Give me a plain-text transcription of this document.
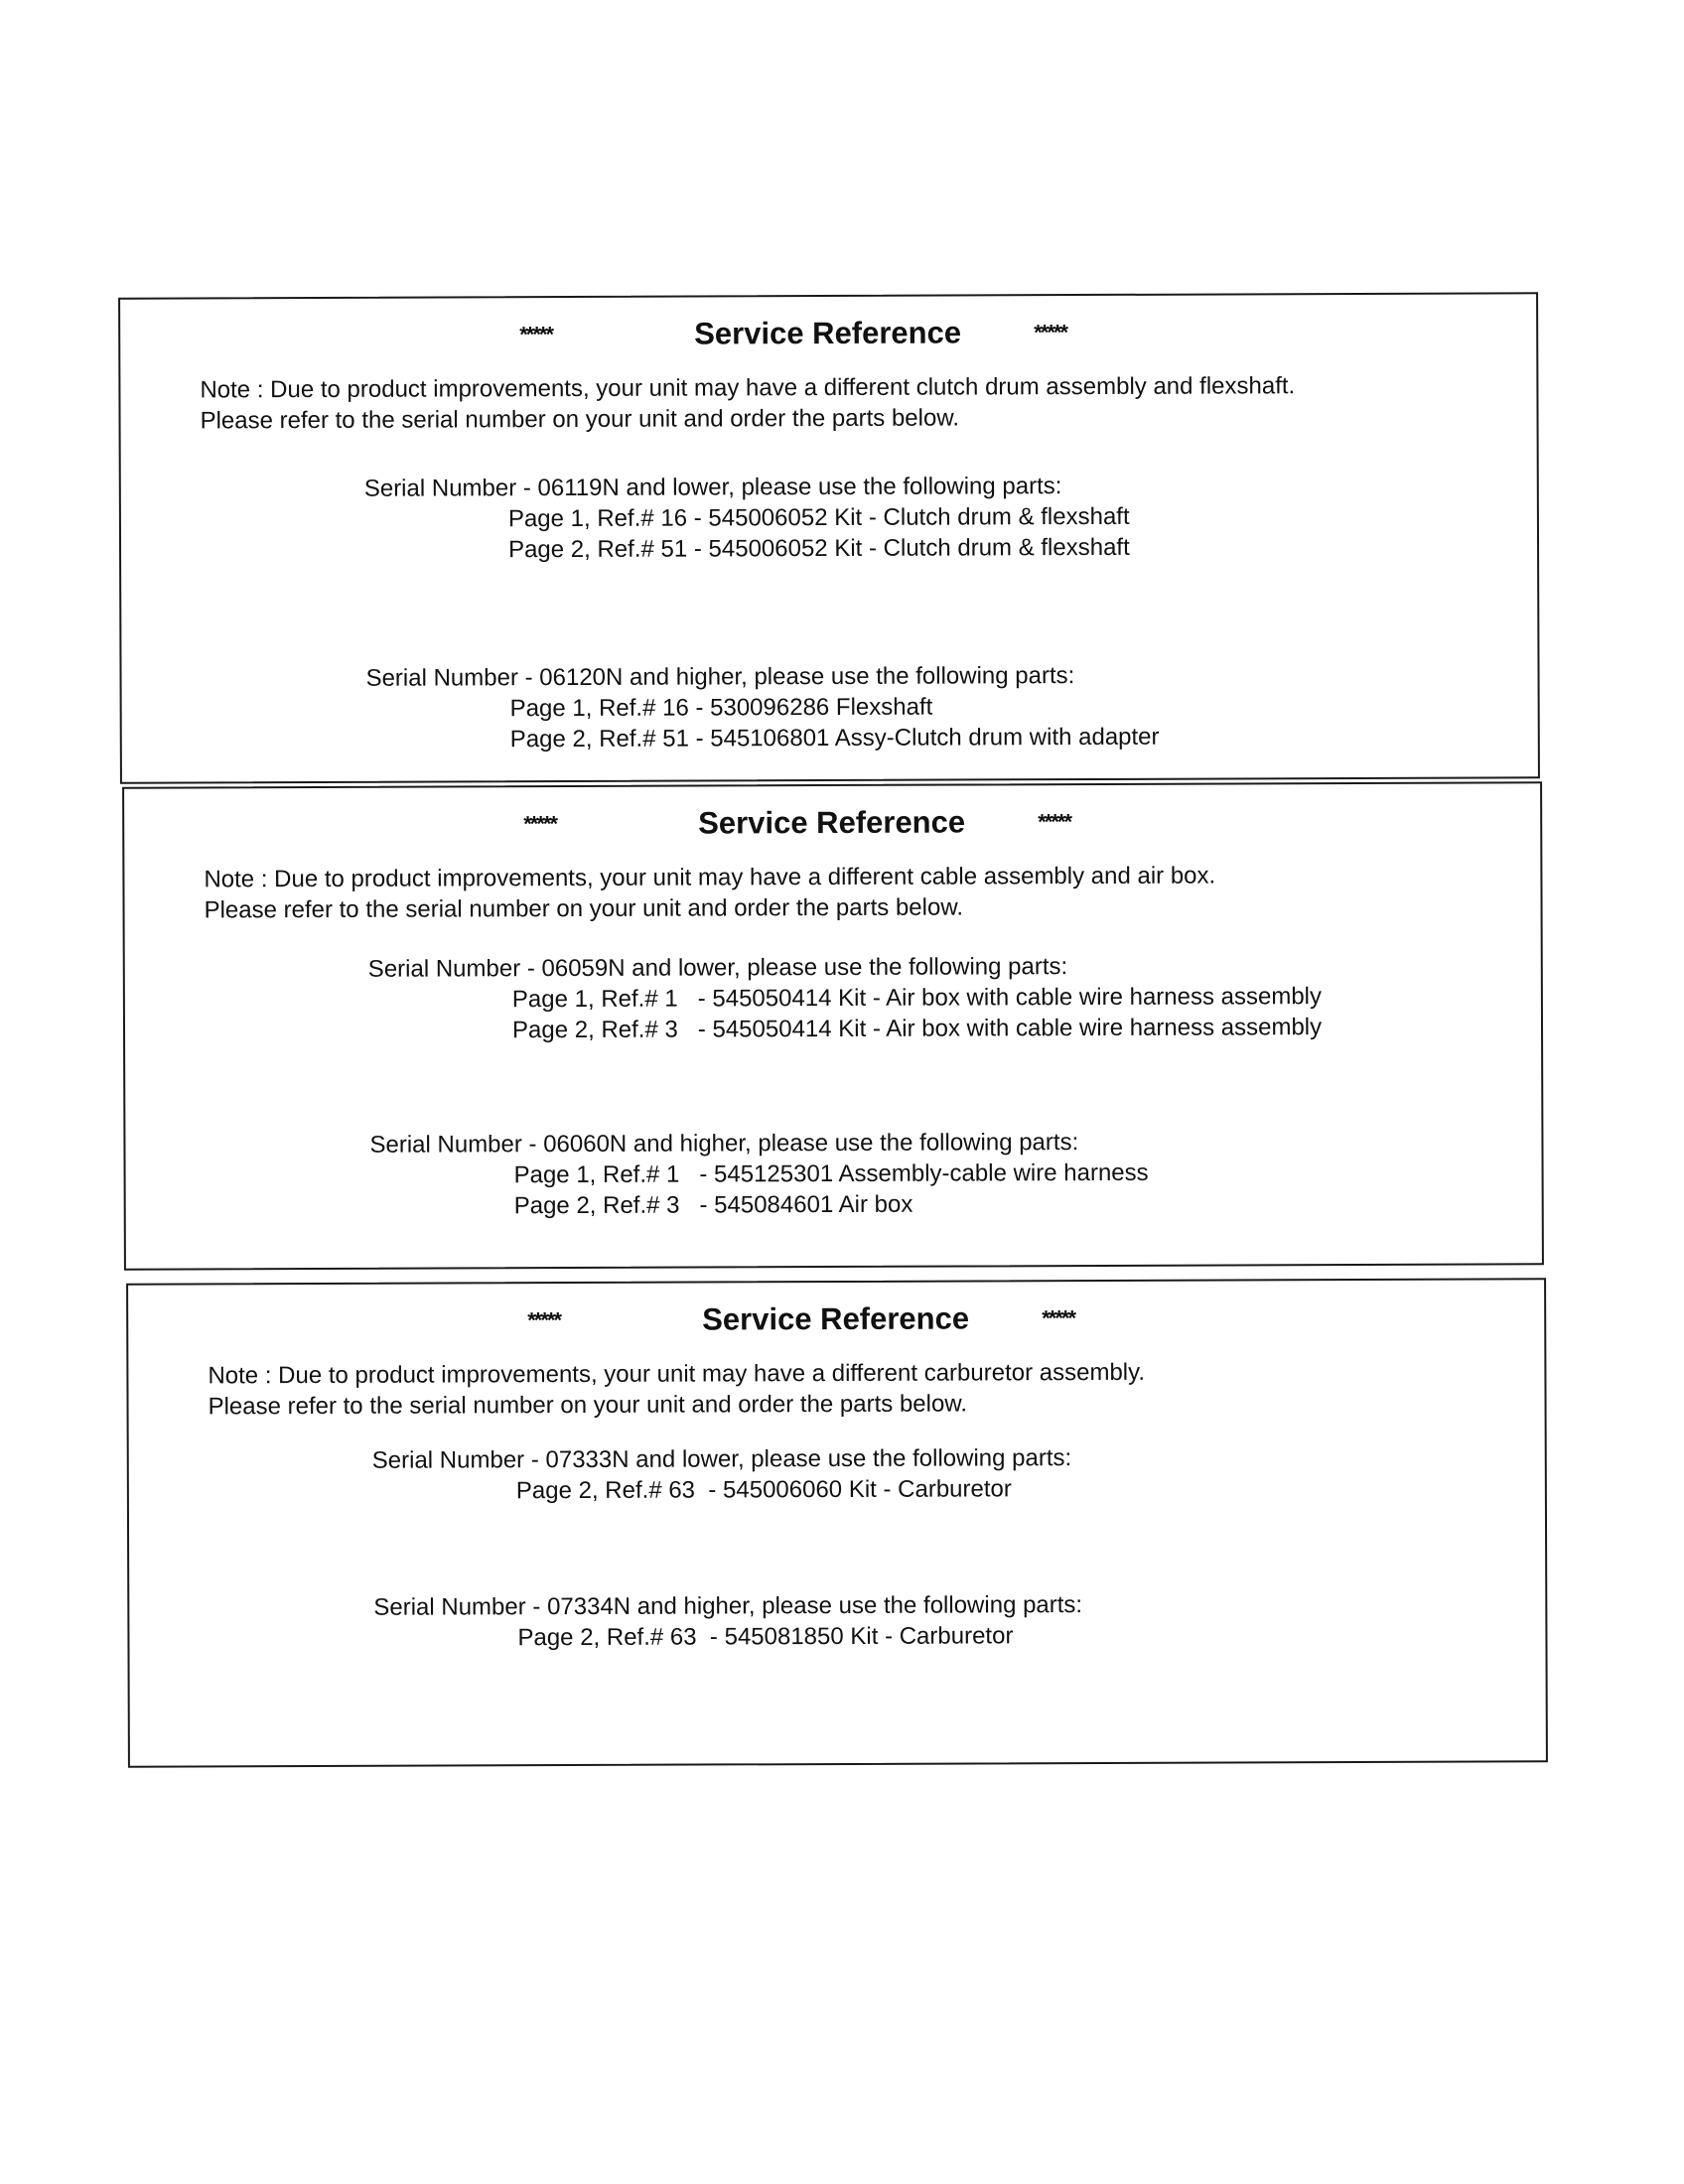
*****	Service Reference	*****
Note : Due to product improvements, your unit may have a different clutch drum assembly and flexshaft.
Please refer to the serial number on your unit and order the parts below.
Serial Number - 06119N and lower, please use the following parts:
Page 1, Ref.# 16 - 545006052 Kit - Clutch drum & flexshaft
Page 2, Ref.# 51 - 545006052 Kit - Clutch drum & flexshaft
Serial Number - 06120N and higher, please use the following parts:
Page 1, Ref.# 16 - 530096286 Flexshaft
Page 2, Ref.# 51 - 545106801 Assy-Clutch drum with adapter
*****	Service Reference	*****
Note : Due to product improvements, your unit may have a different cable assembly and air box.
Please refer to the serial number on your unit and order the parts below.
Serial Number - 06059N and lower, please use the following parts:
Page 1, Ref.# 1   - 545050414 Kit - Air box with cable wire harness assembly
Page 2, Ref.# 3   - 545050414 Kit - Air box with cable wire harness assembly
Serial Number - 06060N and higher, please use the following parts:
Page 1, Ref.# 1   - 545125301 Assembly-cable wire harness
Page 2, Ref.# 3   - 545084601 Air box
*****	Service Reference	*****
Note : Due to product improvements, your unit may have a different carburetor assembly.
Please refer to the serial number on your unit and order the parts below.
Serial Number - 07333N and lower, please use the following parts:
Page 2, Ref.# 63  - 545006060 Kit - Carburetor
Serial Number - 07334N and higher, please use the following parts:
Page 2, Ref.# 63  - 545081850 Kit - Carburetor
